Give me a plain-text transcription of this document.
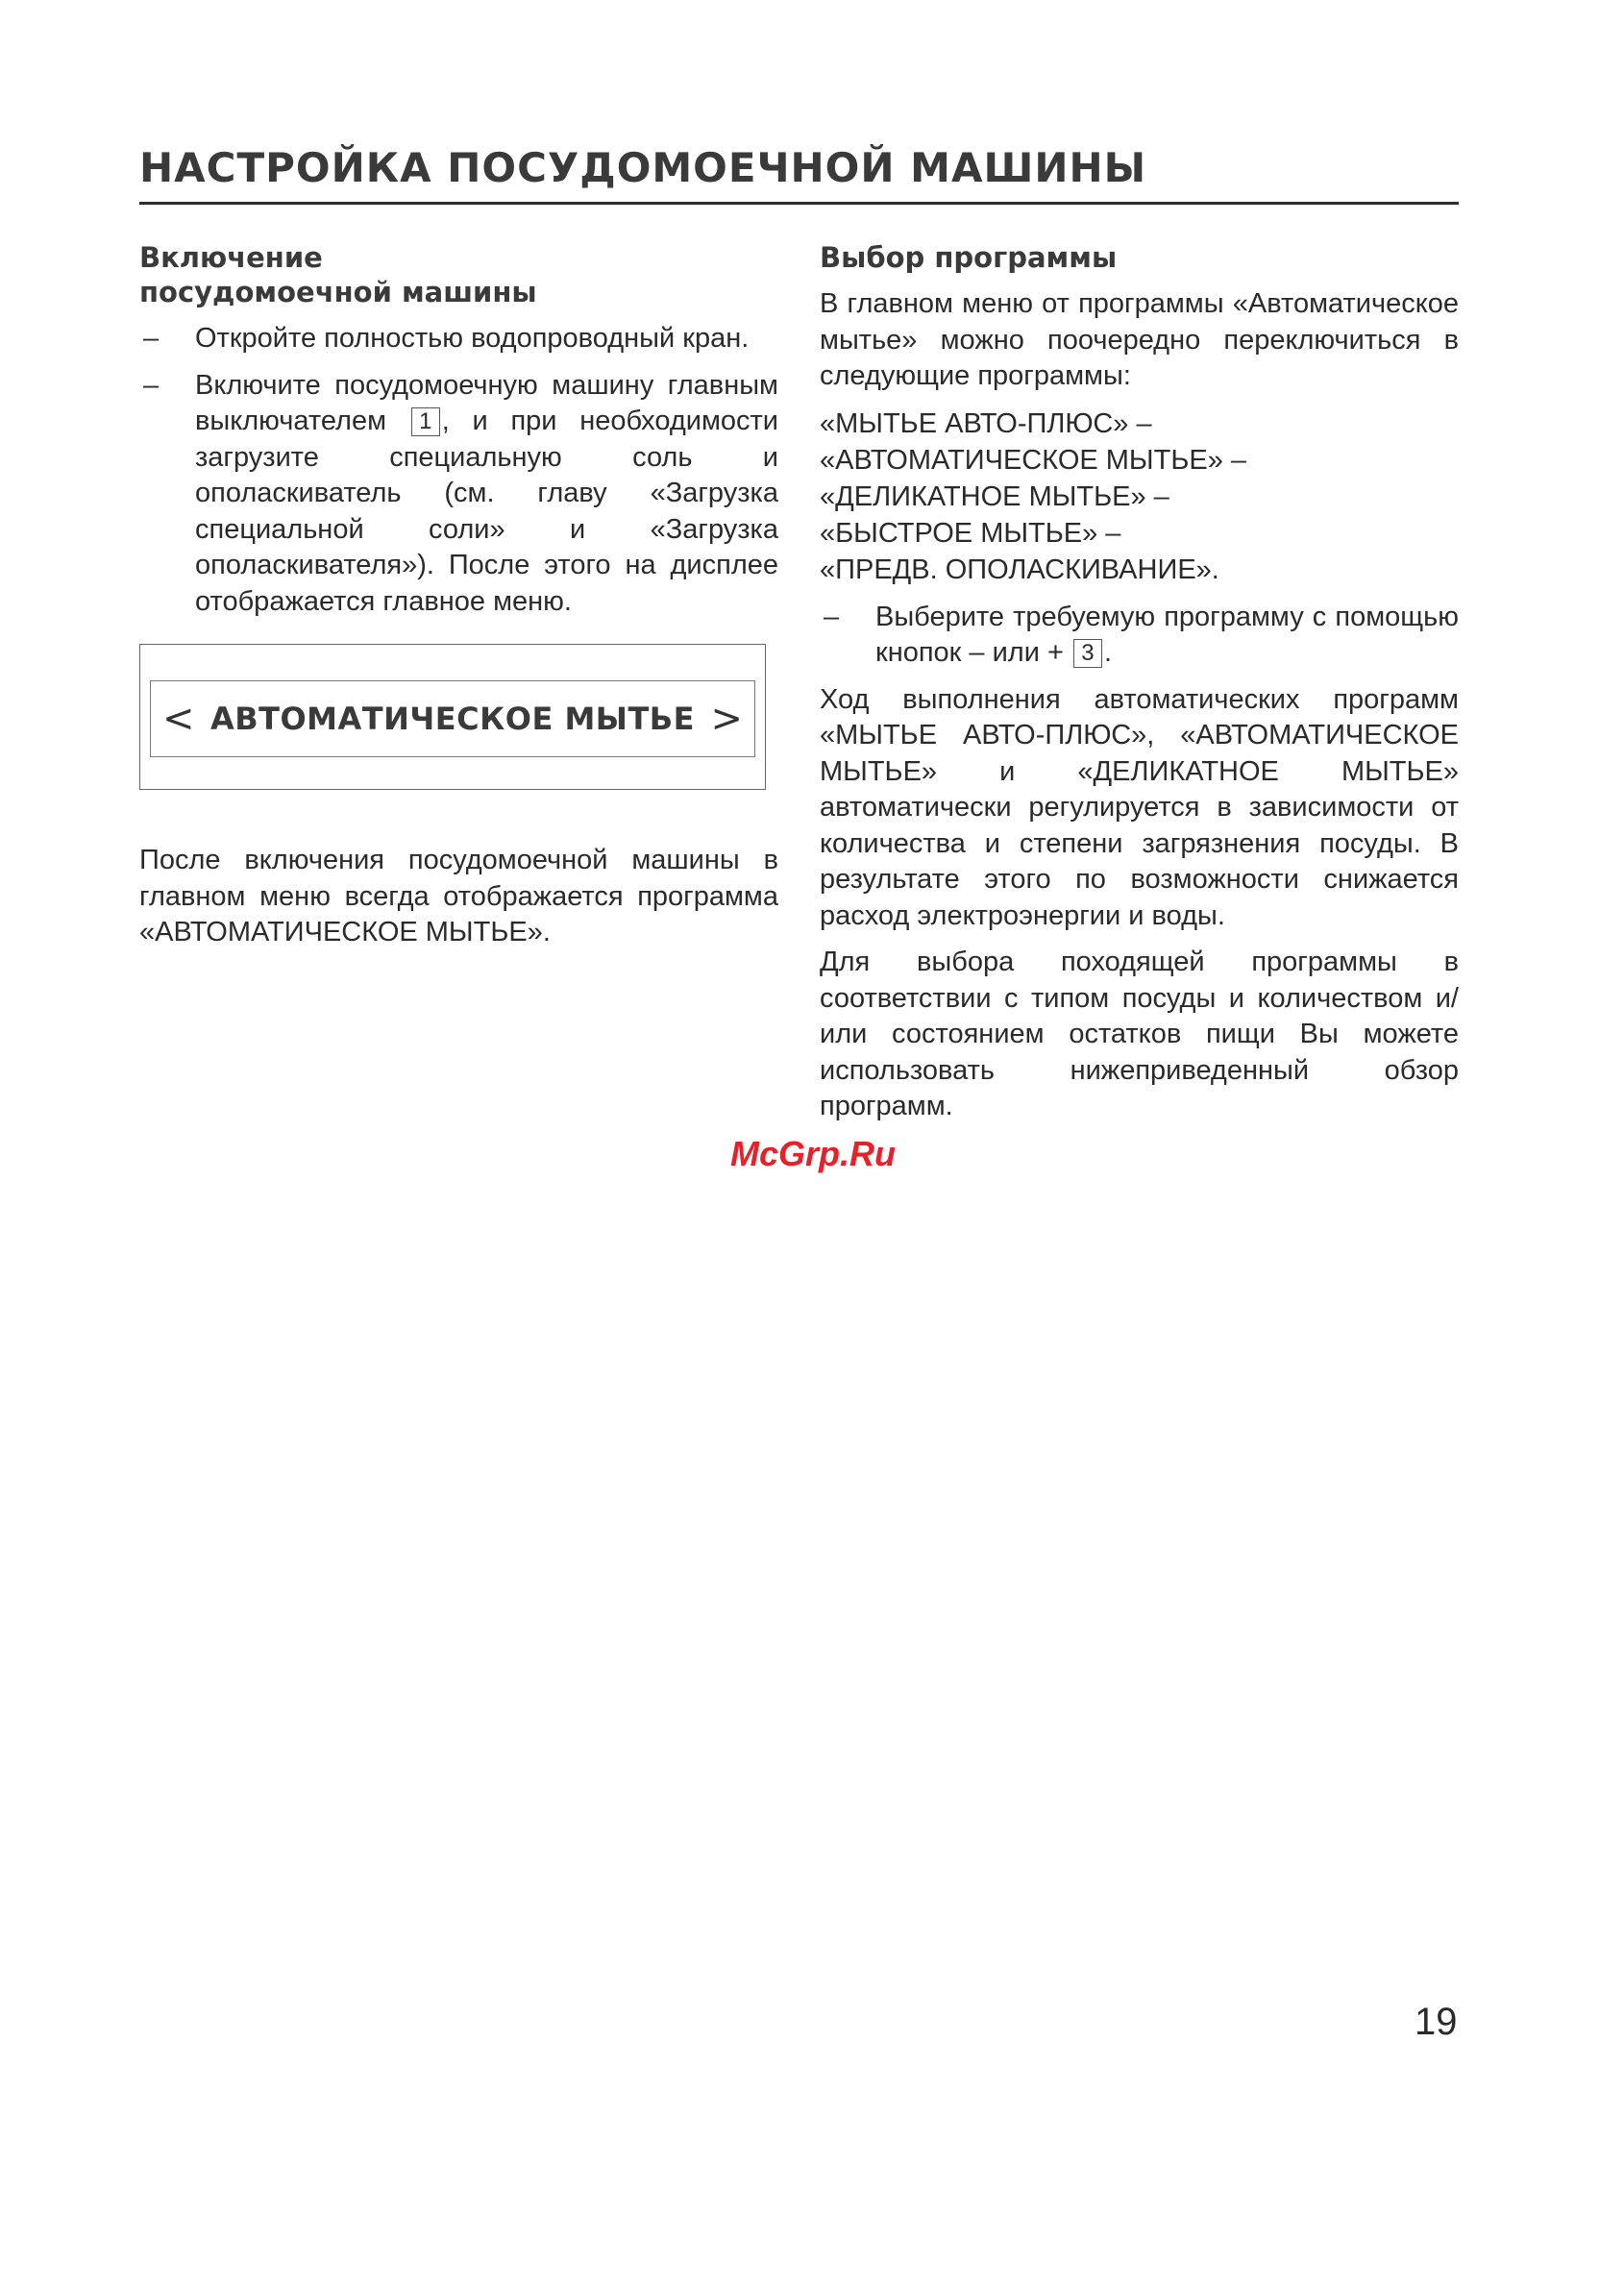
НАСТРОЙКА ПОСУДОМОЕЧНОЙ МАШИНЫ
Включение
посудомоечной машины
–	Откройте полностью водопроводный кран.
–	Включите посудомоечную машину главным выключателем 1 , и при необходимости загрузите специальную соль и ополаскиватель (см. главу «Загрузка специальной соли» и «Загрузка ополаскивателя»). После этого на дисплее отображается главное меню.
< АВТОМАТИЧЕСКОЕ МЫТЬЕ >

После включения посудомоечной машины в главном меню всегда отображается программа «АВТОМАТИЧЕСКОЕ МЫТЬЕ».

Выбор программы

В главном меню от программы «Автоматическое мытье» можно поочередно переключиться в следующие программы:

«МЫТЬЕ АВТО-ПЛЮС» –
«АВТОМАТИЧЕСКОЕ МЫТЬЕ» –
«ДЕЛИКАТНОЕ МЫТЬЕ» –
«БЫСТРОЕ МЫТЬЕ» –
«ПРЕДВ. ОПОЛАСКИВАНИЕ».
–	Выберите требуемую программу с помощью кнопок – или + 3 .

Ход выполнения автоматических программ «МЫТЬЕ АВТО-ПЛЮС», «АВТОМАТИЧЕСКОЕ МЫТЬЕ» и «ДЕЛИКАТНОЕ МЫТЬЕ» автоматически регулируется в зависимости от количества и степени загрязнения посуды. В результате этого по возможности снижается расход электроэнергии и воды.

Для выбора походящей программы в соответствии с типом посуды и количеством и/или состоянием остатков пищи Вы можете использовать нижеприведенный обзор программ.

McGrp.Ru
19
